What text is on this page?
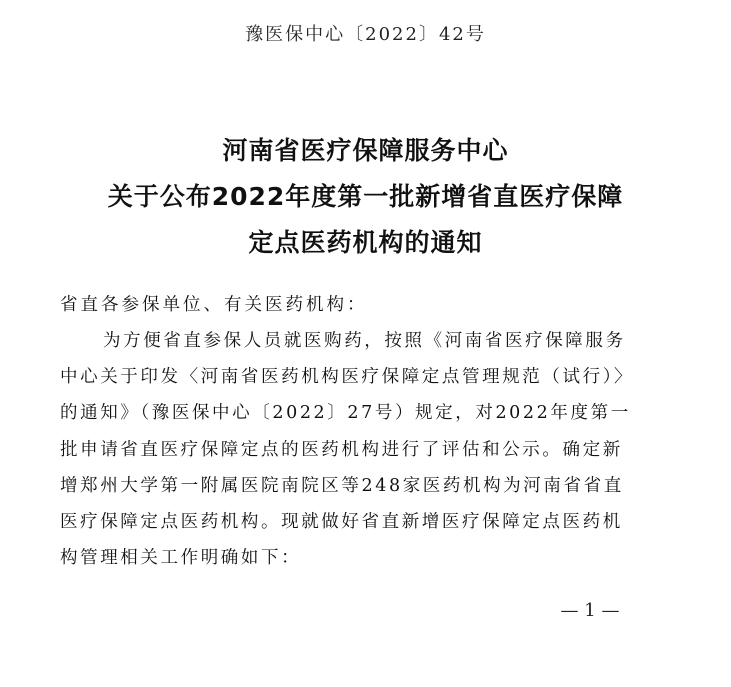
豫医保中心〔2022〕42号
河南省医疗保障服务中心
关于公布2022年度第一批新增省直医疗保障
定点医药机构的通知
省直各参保单位、有关医药机构：
为方便省直参保人员就医购药，按照《河南省医疗保障服务
中心关于印发〈河南省医药机构医疗保障定点管理规范（试行）〉
的通知》（豫医保中心〔2022〕27号）规定，对2022年度第一
批申请省直医疗保障定点的医药机构进行了评估和公示。确定新
增郑州大学第一附属医院南院区等248家医药机构为河南省省直
医疗保障定点医药机构。现就做好省直新增医疗保障定点医药机
构管理相关工作明确如下：
— 1 —
